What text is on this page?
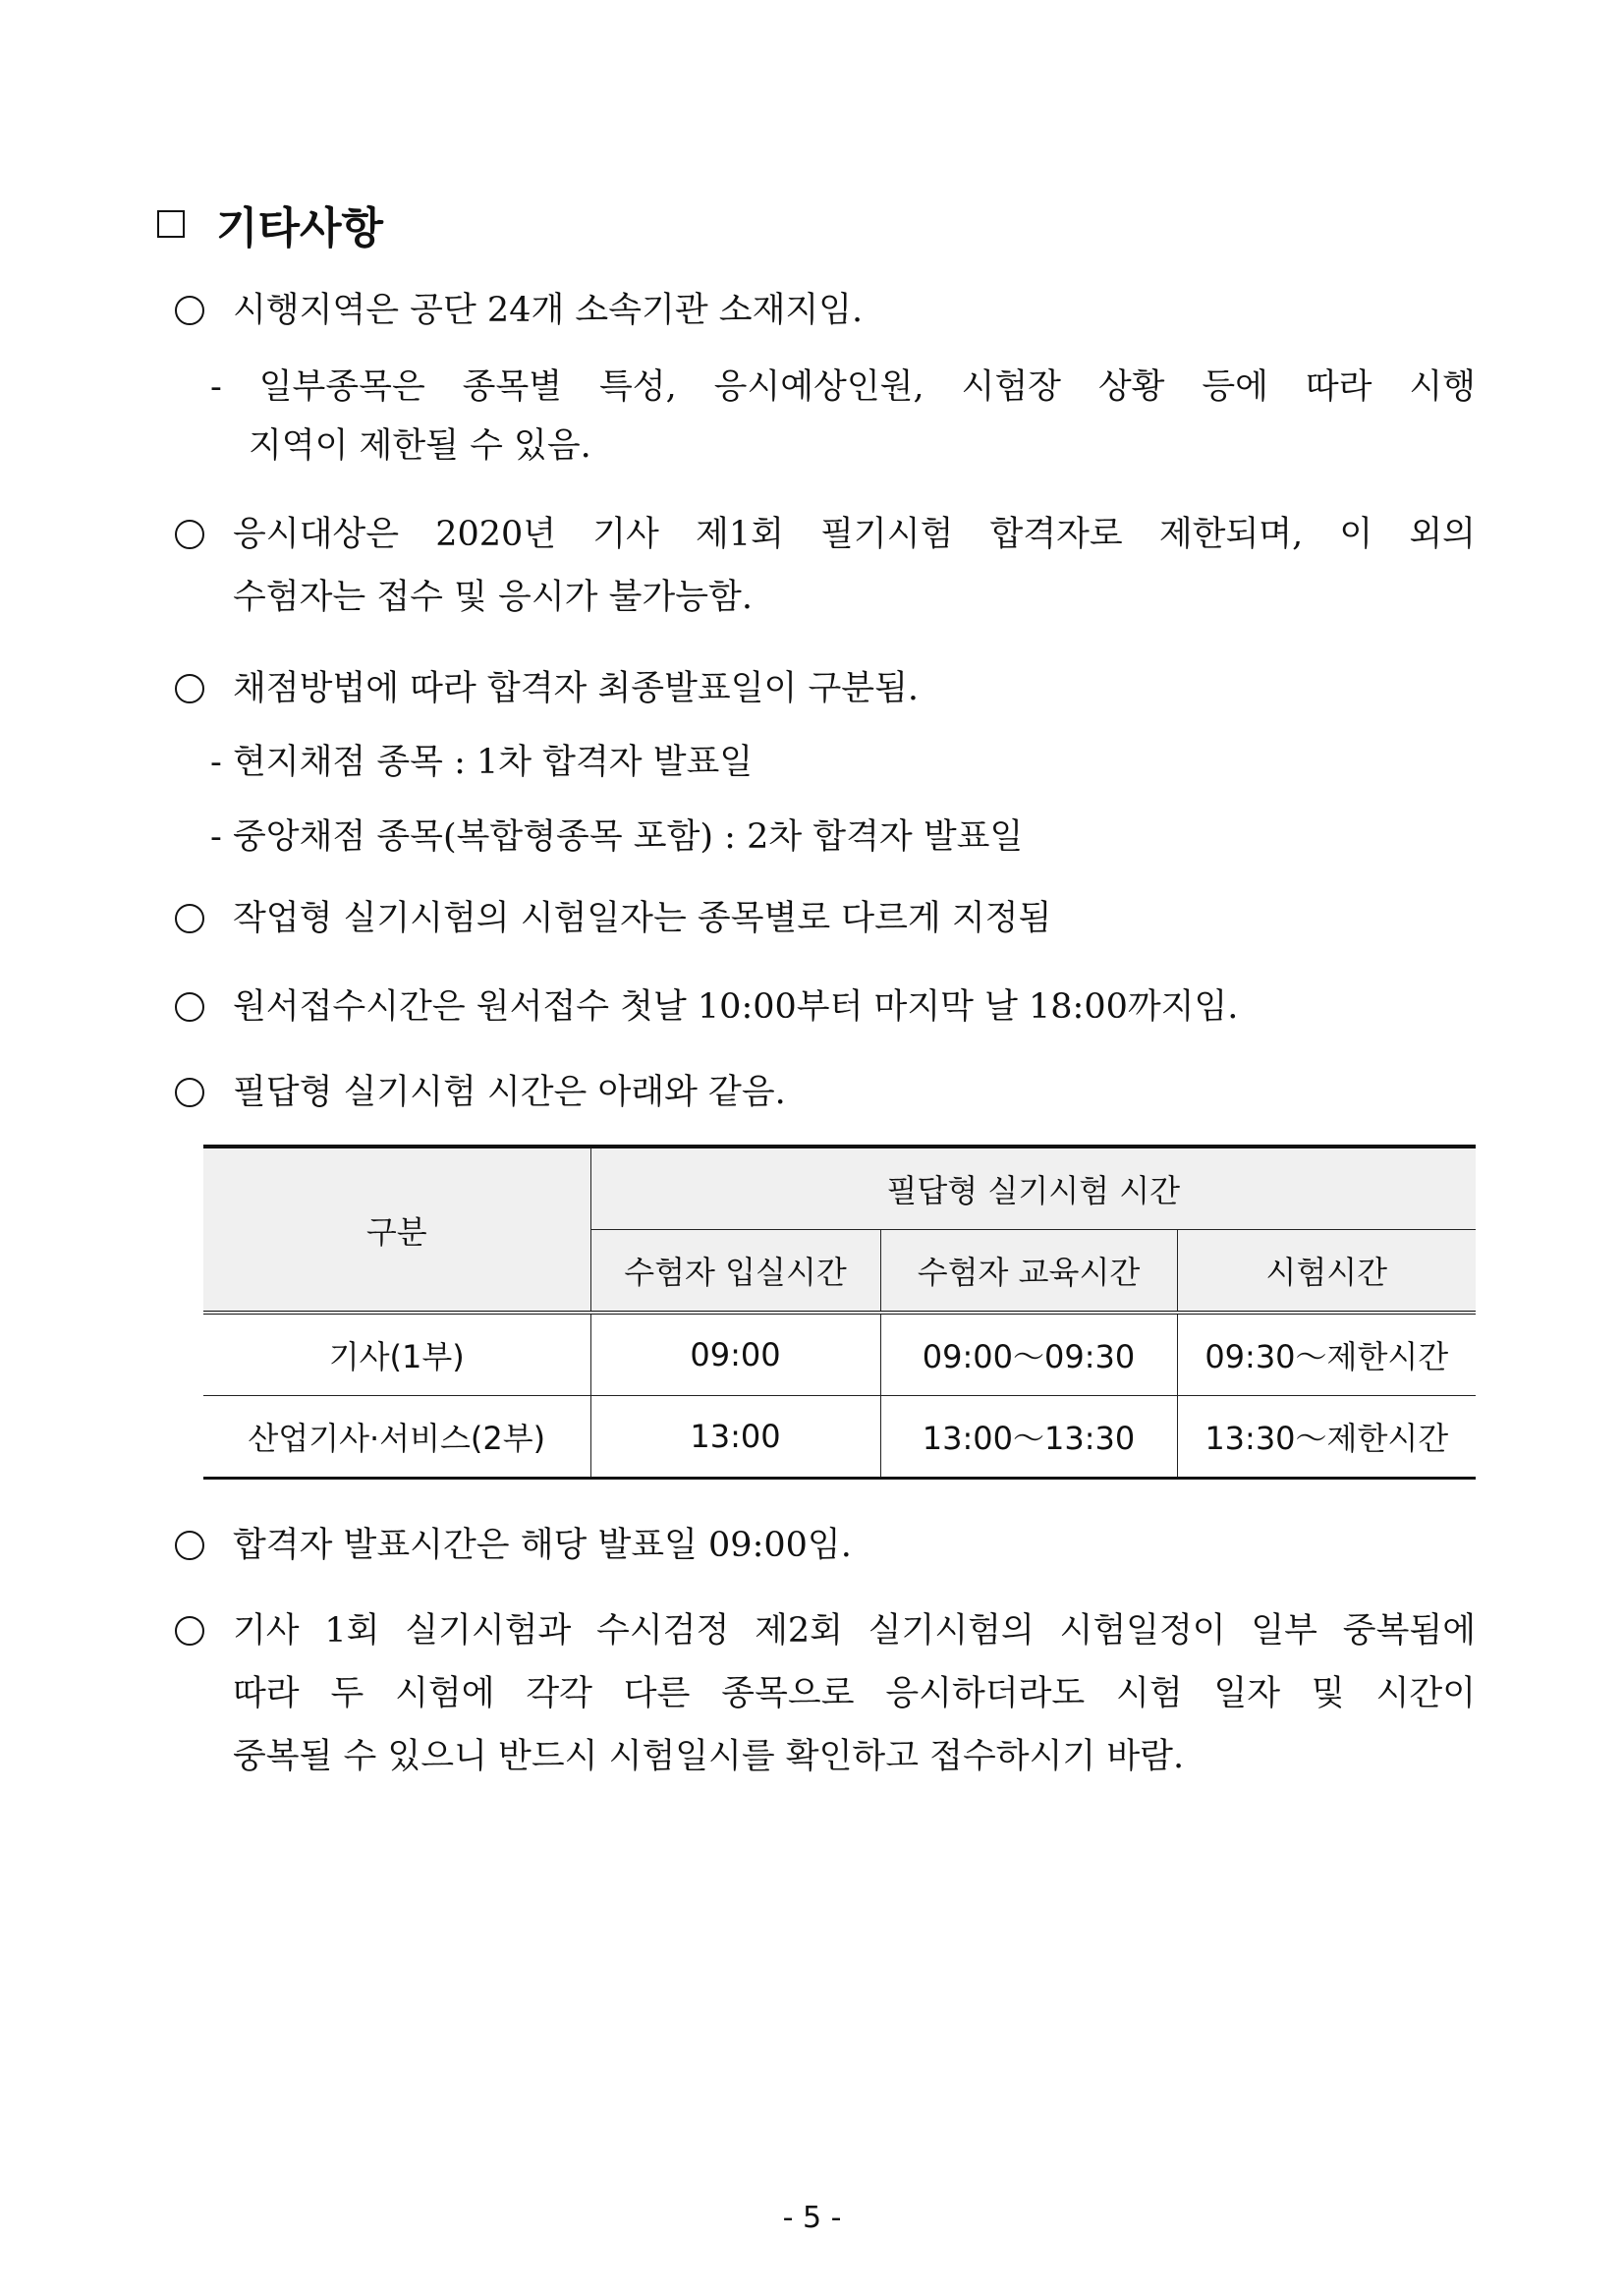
기타사항
시행지역은 공단 24개 소속기관 소재지임.
- 일부종목은 종목별 특성, 응시예상인원, 시험장 상황 등에 따라 시행
지역이 제한될 수 있음.
응시대상은 2020년 기사 제1회 필기시험 합격자로 제한되며, 이 외의
수험자는 접수 및 응시가 불가능함.
채점방법에 따라 합격자 최종발표일이 구분됨.
- 현지채점 종목 : 1차 합격자 발표일
- 중앙채점 종목(복합형종목 포함) : 2차 합격자 발표일
작업형 실기시험의 시험일자는 종목별로 다르게 지정됨
원서접수시간은 원서접수 첫날 10:00부터 마지막 날 18:00까지임.
필답형 실기시험 시간은 아래와 같음.
구분	필답형 실기시험 시간		
	수험자 입실시간	수험자 교육시간	시험시간
기사(1부)	09:00	09:00～09:30	09:30～제한시간
산업기사·서비스(2부)	13:00	13:00～13:30	13:30～제한시간
합격자 발표시간은 해당 발표일 09:00임.
기사 1회 실기시험과 수시검정 제2회 실기시험의 시험일정이 일부 중복됨에
따라 두 시험에 각각 다른 종목으로 응시하더라도 시험 일자 및 시간이
중복될 수 있으니 반드시 시험일시를 확인하고 접수하시기 바람.
- 5 -
